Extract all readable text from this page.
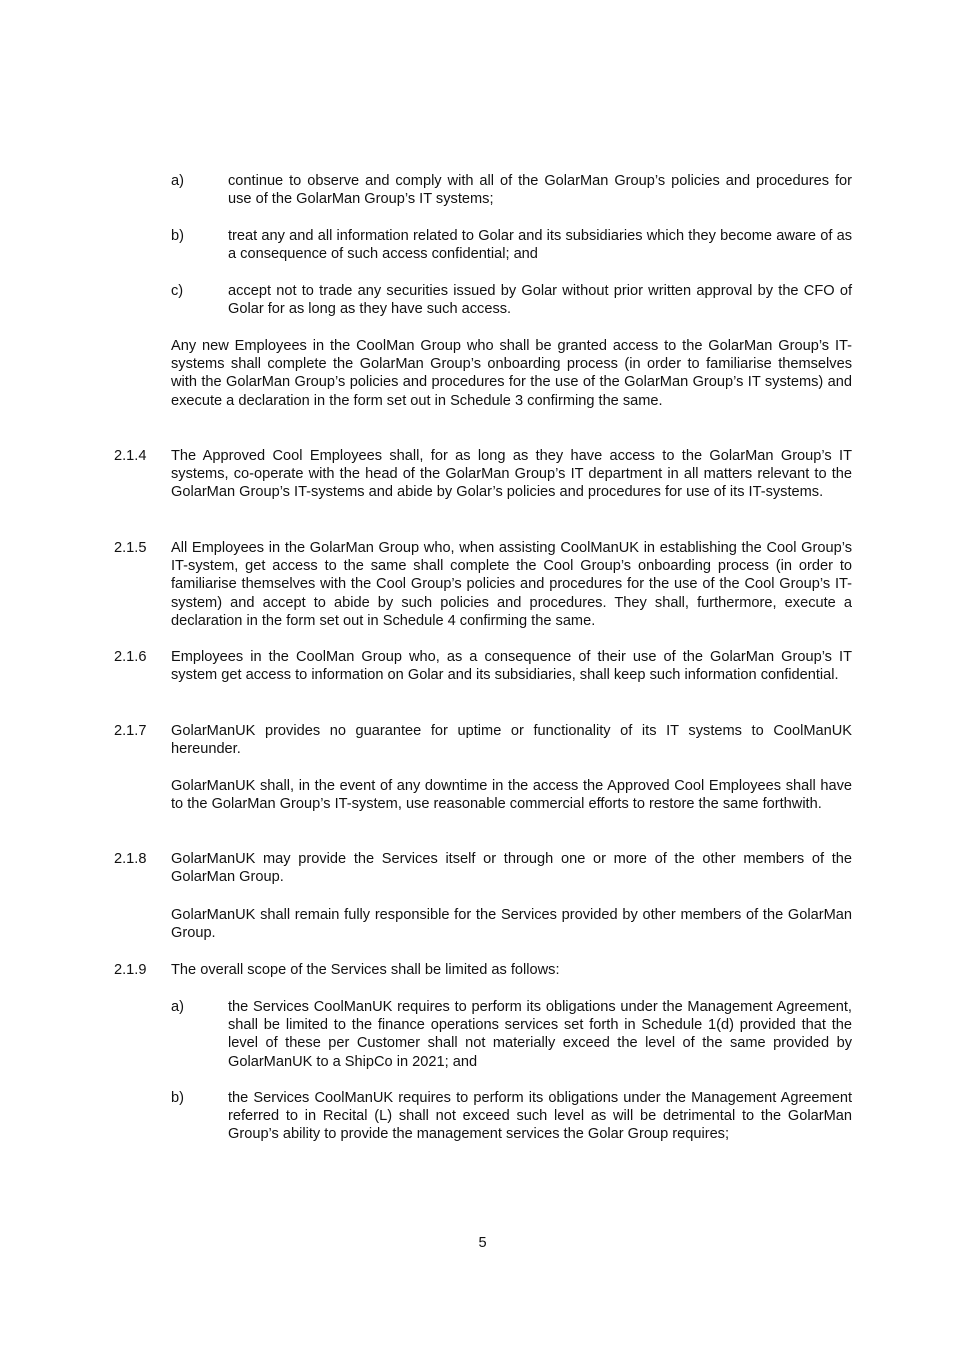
a)	continue to observe and comply with all of the GolarMan Group’s policies and procedures for use of the GolarMan Group’s IT systems;
b)	treat any and all information related to Golar and its subsidiaries which they become aware of as a consequence of such access confidential; and
c)	accept not to trade any securities issued by Golar without prior written approval by the CFO of Golar for as long as they have such access.

Any new Employees in the CoolMan Group who shall be granted access to the GolarMan Group’s IT-systems shall complete the GolarMan Group’s onboarding process (in order to familiarise themselves with the GolarMan Group’s policies and procedures for the use of the GolarMan Group’s IT systems) and execute a declaration in the form set out in Schedule 3 confirming the same.

2.1.4 The Approved Cool Employees shall, for as long as they have access to the GolarMan Group’s IT systems, co-operate with the head of the GolarMan Group’s IT department in all matters relevant to the GolarMan Group’s IT-systems and abide by Golar’s policies and procedures for use of its IT-systems.
2.1.5 All Employees in the GolarMan Group who, when assisting CoolManUK in establishing the Cool Group’s IT-system, get access to the same shall complete the Cool Group’s onboarding process (in order to familiarise themselves with the Cool Group’s policies and procedures for the use of the Cool Group’s IT-system) and accept to abide by such policies and procedures. They shall, furthermore, execute a declaration in the form set out in Schedule 4 confirming the same.
2.1.6 Employees in the CoolMan Group who, as a consequence of their use of the GolarMan Group’s IT system get access to information on Golar and its subsidiaries, shall keep such information confidential.
2.1.7 GolarManUK provides no guarantee for uptime or functionality of its IT systems to CoolManUK hereunder.

GolarManUK shall, in the event of any downtime in the access the Approved Cool Employees shall have to the GolarMan Group’s IT-system, use reasonable commercial efforts to restore the same forthwith.

2.1.8 GolarManUK may provide the Services itself or through one or more of the other members of the GolarMan Group.

GolarManUK shall remain fully responsible for the Services provided by other members of the GolarMan Group.

2.1.9 The overall scope of the Services shall be limited as follows:
a)	the Services CoolManUK requires to perform its obligations under the Management Agreement, shall be limited to the finance operations services set forth in Schedule 1(d) provided that the level of these per Customer shall not materially exceed the level of the same provided by GolarManUK to a ShipCo in 2021; and
b)	the Services CoolManUK requires to perform its obligations under the Management Agreement referred to in Recital (L) shall not exceed such level as will be detrimental to the GolarMan Group’s ability to provide the management services the Golar Group requires;
5
